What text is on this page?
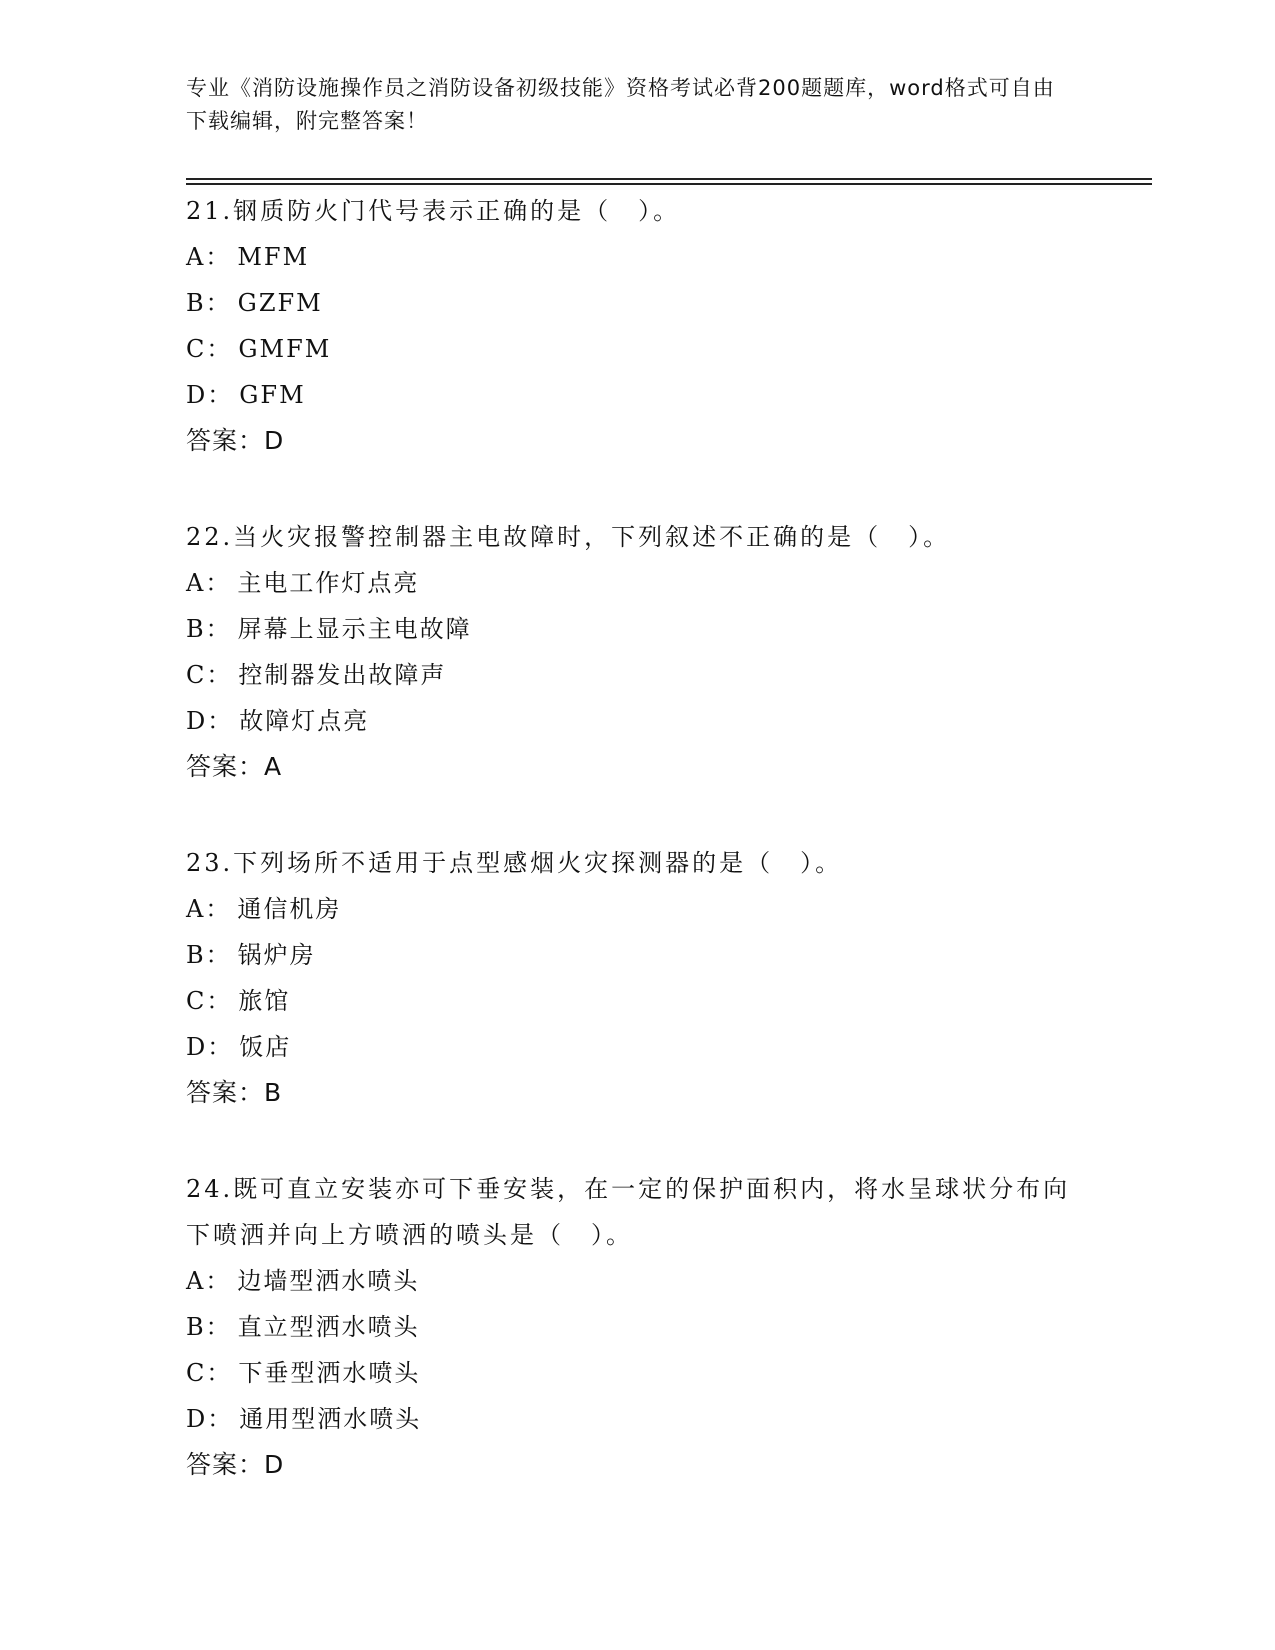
专业《消防设施操作员之消防设备初级技能》资格考试必背200题题库，word格式可自由下载编辑，附完整答案！

21.钢质防火门代号表示正确的是（　）。

A： MFM

B： GZFM

C： GMFM

D： GFM

答案：D

22.当火灾报警控制器主电故障时，下列叙述不正确的是（　）。

A： 主电工作灯点亮

B： 屏幕上显示主电故障

C： 控制器发出故障声

D： 故障灯点亮

答案：A

23.下列场所不适用于点型感烟火灾探测器的是（　）。

A： 通信机房

B： 锅炉房

C： 旅馆

D： 饭店

答案：B

24.既可直立安装亦可下垂安装，在一定的保护面积内，将水呈球状分布向下喷洒并向上方喷洒的喷头是（　）。

A： 边墙型洒水喷头

B： 直立型洒水喷头

C： 下垂型洒水喷头

D： 通用型洒水喷头

答案：D
